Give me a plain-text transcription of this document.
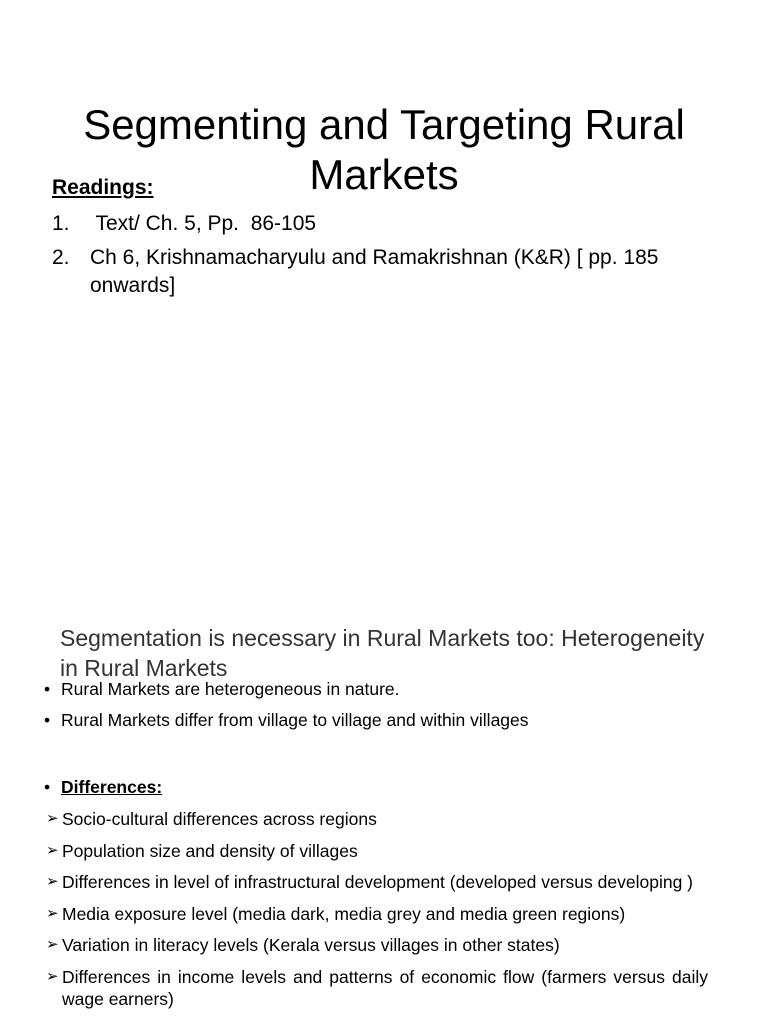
Segmenting and Targeting Rural Markets
Readings:
1. Text/ Ch. 5, Pp.  86-105
2. Ch 6, Krishnamacharyulu and Ramakrishnan (K&R) [ pp. 185 onwards]
Segmentation is necessary in Rural Markets too: Heterogeneity in Rural Markets
• Rural Markets are heterogeneous in nature.
• Rural Markets differ from village to village and within villages
• Differences:
➢ Socio-cultural differences across regions
➢ Population size and density of villages
➢ Differences in level of infrastructural development (developed versus developing )
➢ Media exposure level (media dark, media grey and media green regions)
➢ Variation in literacy levels (Kerala versus villages in other states)
➢ Differences in income levels and patterns of economic flow (farmers versus daily wage earners)
